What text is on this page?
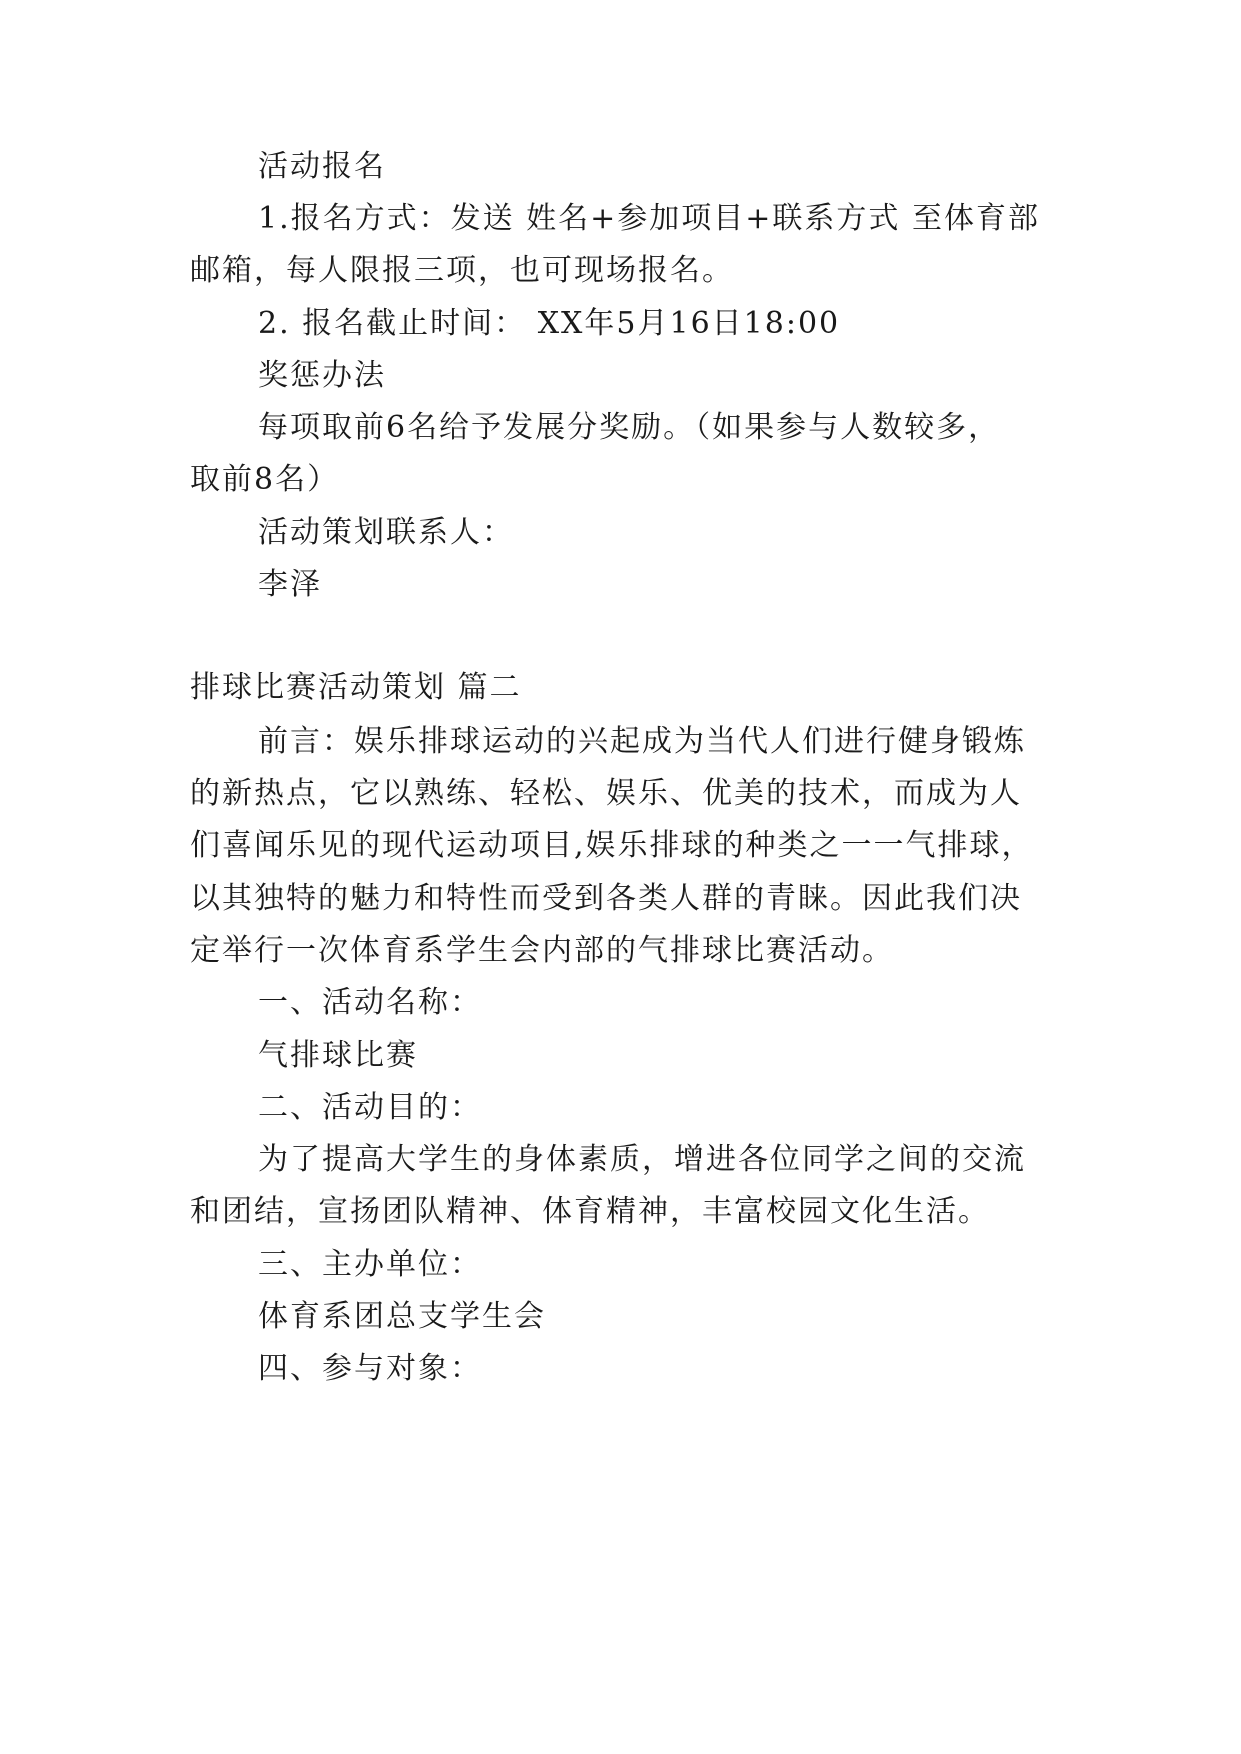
活动报名
1.报名方式：发送 姓名+参加项目+联系方式 至体育部
邮箱，每人限报三项，也可现场报名。
2. 报名截止时间： XX年5月16日18:00
奖惩办法
每项取前6名给予发展分奖励。（如果参与人数较多，
取前8名）
活动策划联系人：
李泽
排球比赛活动策划 篇二
前言：娱乐排球运动的兴起成为当代人们进行健身锻炼
的新热点，它以熟练、轻松、娱乐、优美的技术，而成为人
们喜闻乐见的现代运动项目,娱乐排球的种类之一一气排球，
以其独特的魅力和特性而受到各类人群的青睐。因此我们决
定举行一次体育系学生会内部的气排球比赛活动。
一、活动名称：
气排球比赛
二、活动目的：
为了提高大学生的身体素质，增进各位同学之间的交流
和团结，宣扬团队精神、体育精神，丰富校园文化生活。
三、主办单位：
体育系团总支学生会
四、参与对象：
